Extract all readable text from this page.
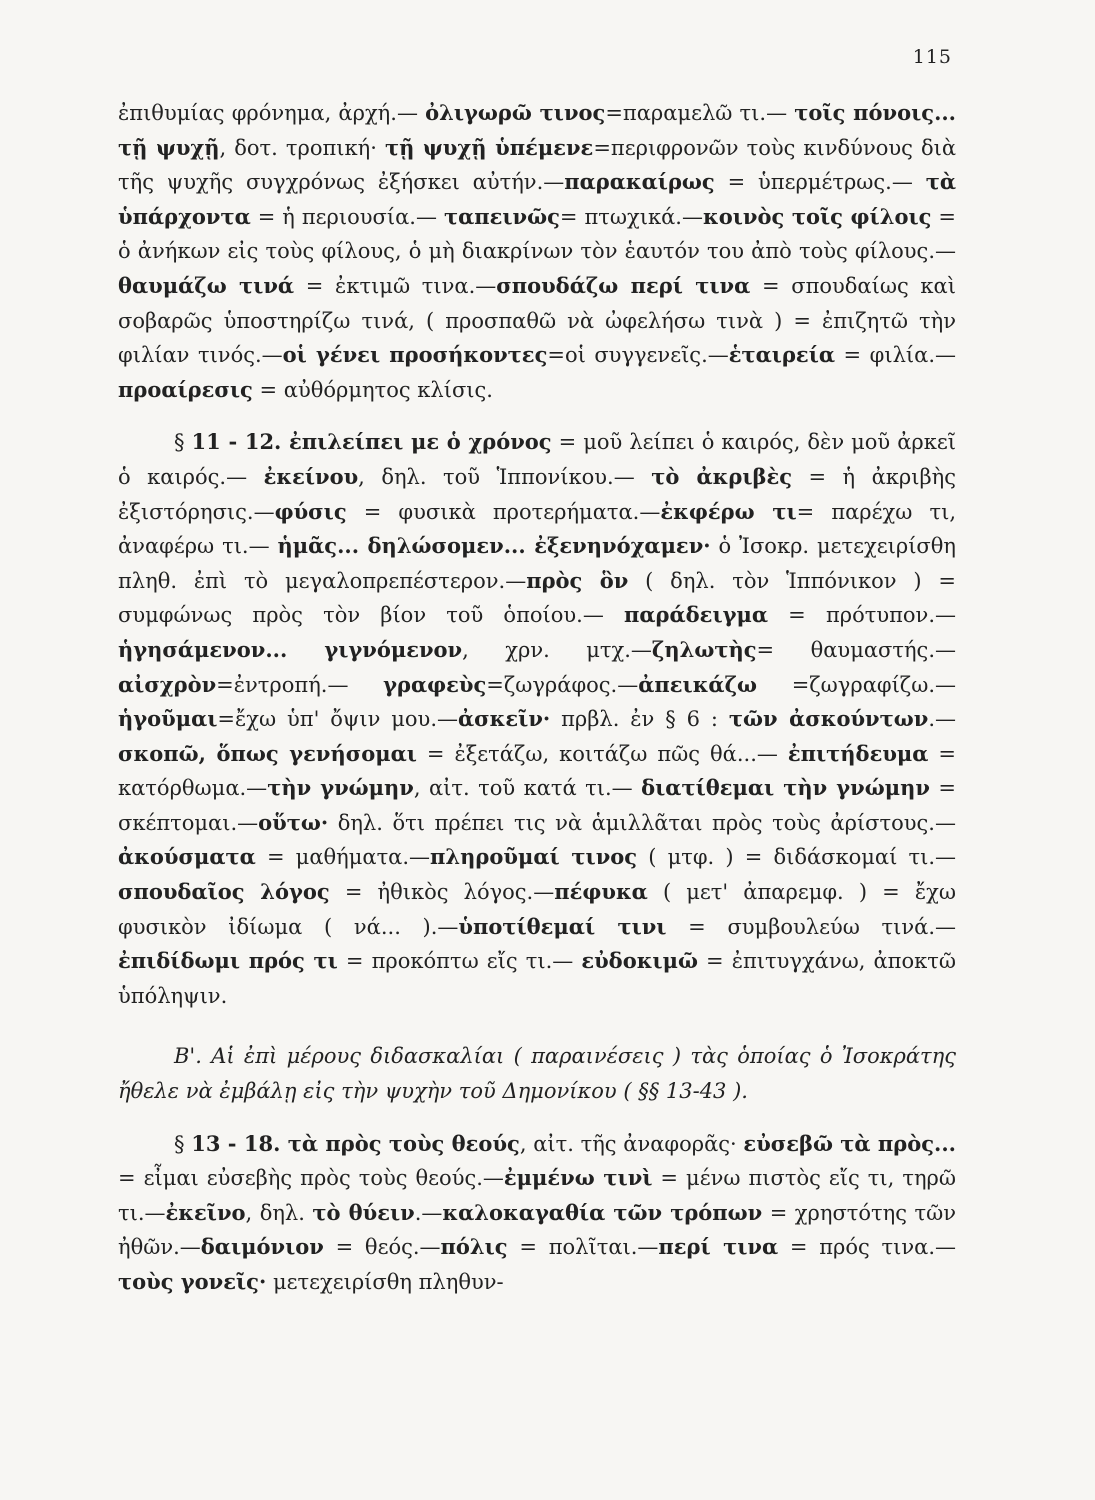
115

ἐπιθυμίας φρόνημα, ἀρχή.— ὀλιγωρῶ τινος=παραμελῶ τι.— τοῖς πόνοις... τῇ ψυχῇ, δοτ. τροπική· τῇ ψυχῇ ὑπέμενε=περιφρονῶν τοὺς κινδύνους διὰ τῆς ψυχῆς συγχρόνως ἐξήσκει αὐτήν.—παρακαίρως = ὑπερμέτρως.— τὰ ὑπάρχοντα = ἡ περιουσία.— ταπεινῶς= πτωχικά.—κοινὸς τοῖς φίλοις = ὁ ἀνήκων εἰς τοὺς φίλους, ὁ μὴ διακρίνων τὸν ἑαυτόν του ἀπὸ τοὺς φίλους.—θαυμάζω τινά = ἐκτιμῶ τινα.—σπουδάζω περί τινα = σπουδαίως καὶ σοβαρῶς ὑποστηρίζω τινά, ( προσπαθῶ νὰ ὠφελήσω τινὰ ) = ἐπιζητῶ τὴν φιλίαν τινός.—οἱ γένει προσήκοντες=οἱ συγγενεῖς.—ἑταιρεία = φιλία.—προαίρεσις = αὐθόρμητος κλίσις.

§ 11 - 12. ἐπιλείπει με ὁ χρόνος = μοῦ λείπει ὁ καιρός, δὲν μοῦ ἀρκεῖ ὁ καιρός.— ἐκείνου, δηλ. τοῦ Ἱππονίκου.— τὸ ἀκριβὲς = ἡ ἀκριβὴς ἐξιστόρησις.—φύσις = φυσικὰ προτερήματα.—ἐκφέρω τι= παρέχω τι, ἀναφέρω τι.— ἡμᾶς... δηλώσομεν... ἐξενηνόχαμεν· ὁ Ἰσοκρ. μετεχειρίσθη πληθ. ἐπὶ τὸ μεγαλοπρεπέστερον.—πρὸς ὃν ( δηλ. τὸν Ἱππόνικον ) = συμφώνως πρὸς τὸν βίον τοῦ ὁποίου.— παράδειγμα = πρότυπον.— ἡγησάμενον... γιγνόμενον, χρν. μτχ.—ζηλωτὴς= θαυμαστής.— αἰσχρὸν=ἐντροπή.— γραφεὺς=ζωγράφος.—ἀπεικάζω =ζωγραφίζω.—ἡγοῦμαι=ἔχω ὑπ' ὄψιν μου.—ἀσκεῖν· πρβλ. ἐν § 6 : τῶν ἀσκούντων.—σκοπῶ, ὅπως γενήσομαι = ἐξετάζω, κοιτάζω πῶς θά...— ἐπιτήδευμα = κατόρθωμα.—τὴν γνώμην, αἰτ. τοῦ κατά τι.— διατίθεμαι τὴν γνώμην = σκέπτομαι.—οὕτω· δηλ. ὅτι πρέπει τις νὰ ἁμιλλᾶται πρὸς τοὺς ἀρίστους.—ἀκούσματα = μαθήματα.—πληροῦμαί τινος ( μτφ. ) = διδάσκομαί τι.— σπουδαῖος λόγος = ἠθικὸς λόγος.—πέφυκα ( μετ' ἀπαρεμφ. ) = ἔχω φυσικὸν ἰδίωμα ( νά... ).—ὑποτίθεμαί τινι = συμβουλεύω τινά.— ἐπιδίδωμι πρός τι = προκόπτω εἴς τι.— εὐδοκιμῶ = ἐπιτυγχάνω, ἀποκτῶ ὑπόληψιν.

Β'. Αἱ ἐπὶ μέρους διδασκαλίαι ( παραινέσεις ) τὰς ὁποίας ὁ Ἰσοκράτης ἤθελε νὰ ἐμβάλῃ εἰς τὴν ψυχὴν τοῦ Δημονίκου ( §§ 13-43 ).

§ 13 - 18. τὰ πρὸς τοὺς θεούς, αἰτ. τῆς ἀναφορᾶς· εὐσεβῶ τὰ πρὸς... = εἶμαι εὐσεβὴς πρὸς τοὺς θεούς.—ἐμμένω τινὶ = μένω πιστὸς εἴς τι, τηρῶ τι.—ἐκεῖνο, δηλ. τὸ θύειν.—καλοκαγαθία τῶν τρόπων = χρηστότης τῶν ἠθῶν.—δαιμόνιον = θεός.—πόλις = πολῖται.—περί τινα = πρός τινα.— τοὺς γονεῖς· μετεχειρίσθη πληθυν-
